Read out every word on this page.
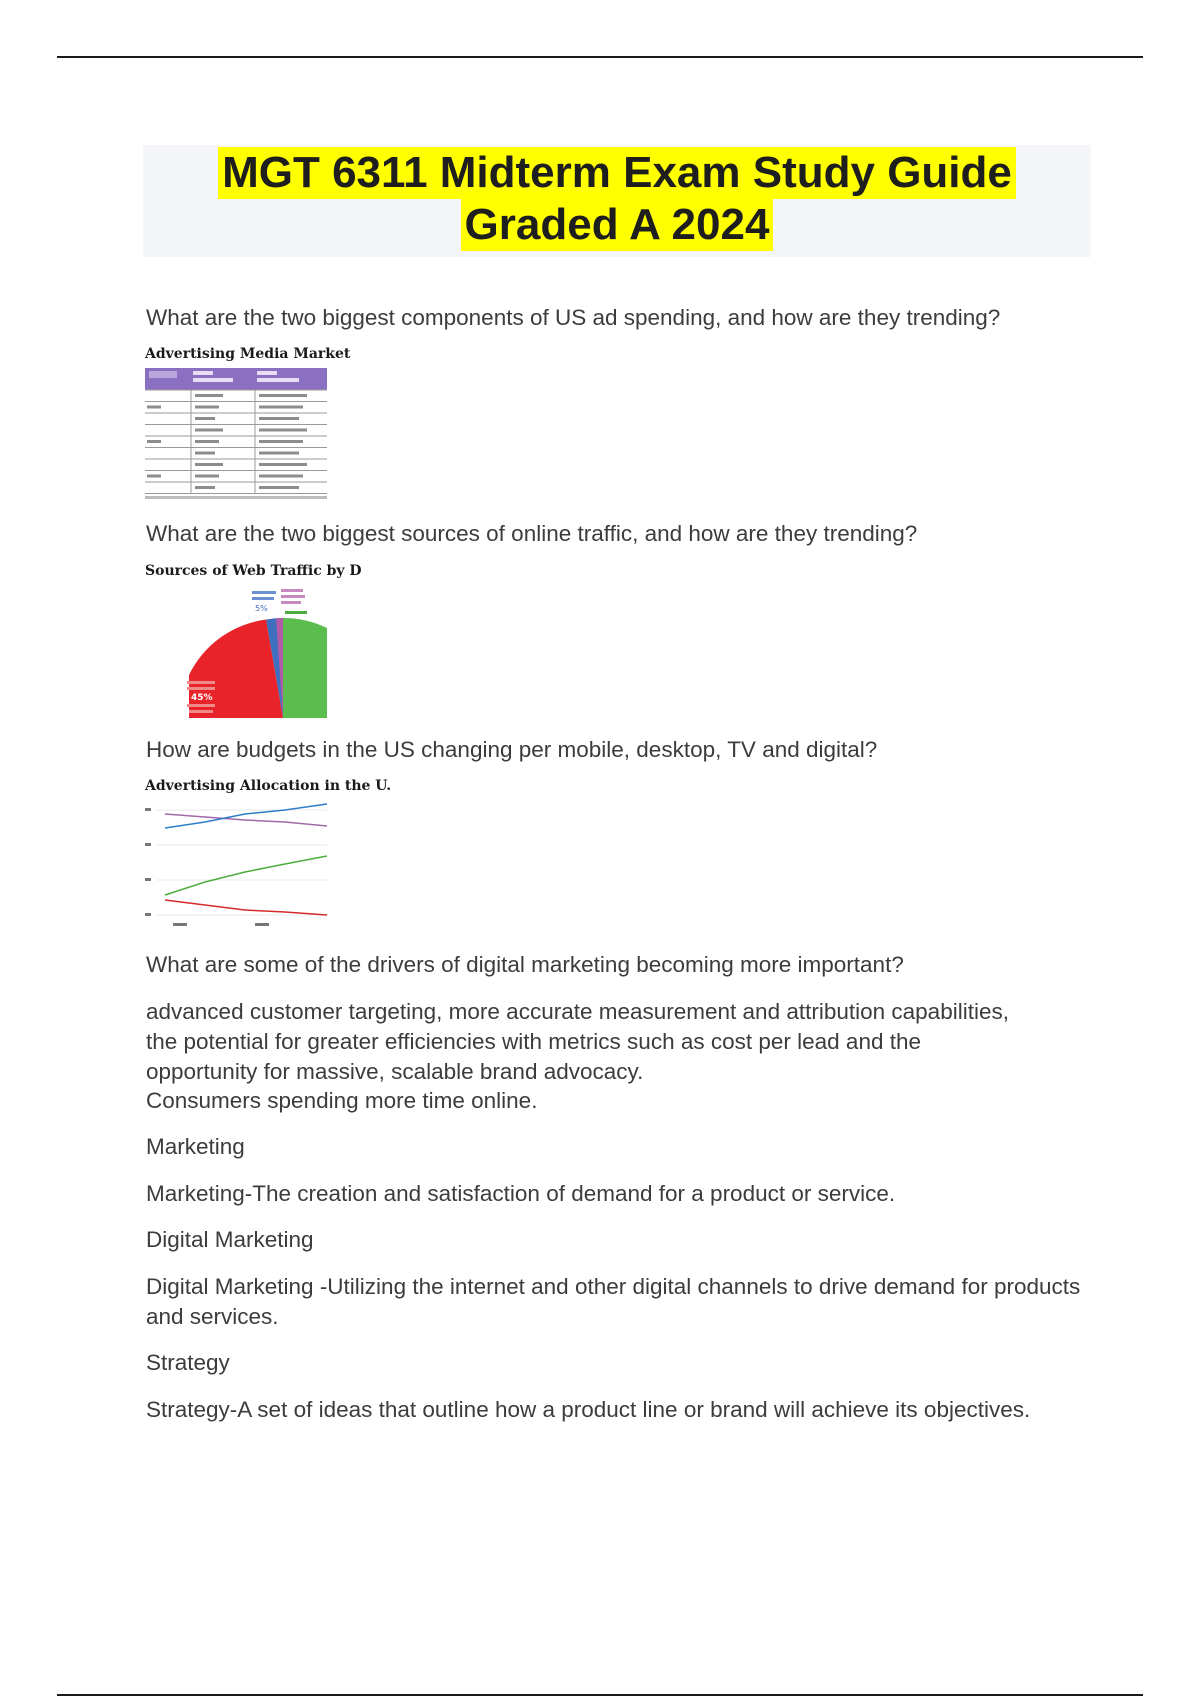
MGT 6311 Midterm Exam Study Guide
Graded A 2024
What are the two biggest components of US ad spending, and how are they trending?
Advertising Media Market
What are the two biggest sources of online traffic, and how are they trending?
Sources of Web Traffic by D
5%
45%
How are budgets in the US changing per mobile, desktop, TV and digital?
Advertising Allocation in the U.
What are some of the drivers of digital marketing becoming more important?
advanced customer targeting, more accurate measurement and attribution capabilities,
the potential for greater efficiencies with metrics such as cost per lead and the
opportunity for massive, scalable brand advocacy.
Consumers spending more time online.
Marketing
Marketing-The creation and satisfaction of demand for a product or service.
Digital Marketing
Digital Marketing -Utilizing the internet and other digital channels to drive demand for products and services.
Strategy
Strategy-A set of ideas that outline how a product line or brand will achieve its objectives.
